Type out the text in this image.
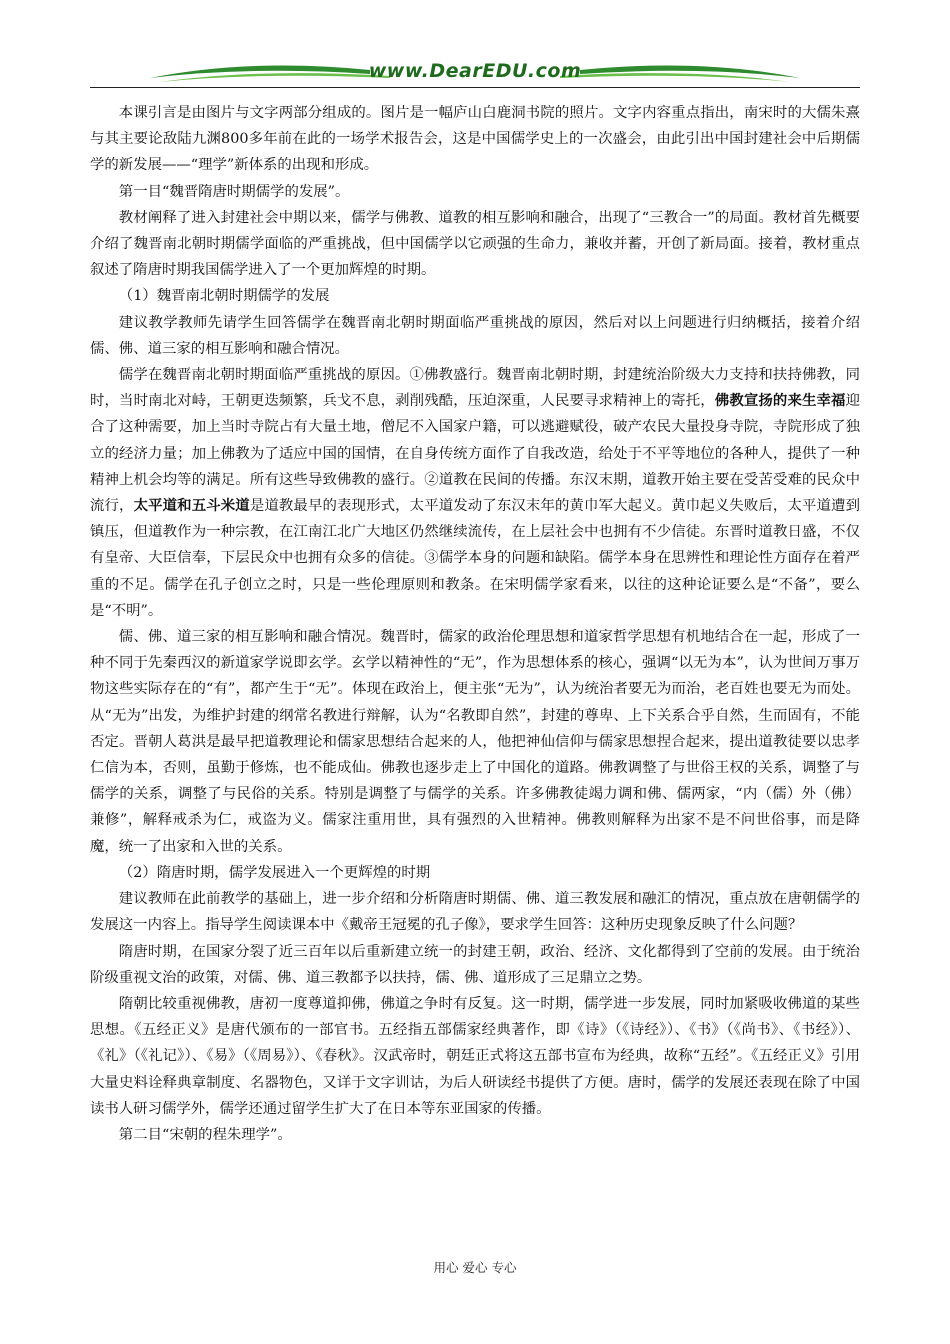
www.DearEDU.com

本课引言是由图片与文字两部分组成的。图片是一幅庐山白鹿洞书院的照片。文字内容重点指出，南宋时的大儒朱熹与其主要论敌陆九渊800多年前在此的一场学术报告会，这是中国儒学史上的一次盛会，由此引出中国封建社会中后期儒学的新发展——“理学”新体系的出现和形成。

第一目“魏晋隋唐时期儒学的发展”。

教材阐释了进入封建社会中期以来，儒学与佛教、道教的相互影响和融合，出现了“三教合一”的局面。教材首先概要介绍了魏晋南北朝时期儒学面临的严重挑战，但中国儒学以它顽强的生命力，兼收并蓄，开创了新局面。接着，教材重点叙述了隋唐时期我国儒学进入了一个更加辉煌的时期。

（1）魏晋南北朝时期儒学的发展

建议教学教师先请学生回答儒学在魏晋南北朝时期面临严重挑战的原因，然后对以上问题进行归纳概括，接着介绍儒、佛、道三家的相互影响和融合情况。

儒学在魏晋南北朝时期面临严重挑战的原因。①佛教盛行。魏晋南北朝时期，封建统治阶级大力支持和扶持佛教，同时，当时南北对峙，王朝更迭频繁，兵戈不息，剥削残酷，压迫深重，人民要寻求精神上的寄托，佛教宣扬的来生幸福迎合了这种需要，加上当时寺院占有大量土地，僧尼不入国家户籍，可以逃避赋役，破产农民大量投身寺院，寺院形成了独立的经济力量；加上佛教为了适应中国的国情，在自身传统方面作了自我改造，给处于不平等地位的各种人，提供了一种精神上机会均等的满足。所有这些导致佛教的盛行。②道教在民间的传播。东汉末期，道教开始主要在受苦受难的民众中流行，太平道和五斗米道是道教最早的表现形式，太平道发动了东汉末年的黄巾军大起义。黄巾起义失败后，太平道遭到镇压，但道教作为一种宗教，在江南江北广大地区仍然继续流传，在上层社会中也拥有不少信徒。东晋时道教日盛，不仅有皇帝、大臣信奉，下层民众中也拥有众多的信徒。③儒学本身的问题和缺陷。儒学本身在思辨性和理论性方面存在着严重的不足。儒学在孔子创立之时，只是一些伦理原则和教条。在宋明儒学家看来，以往的这种论证要么是“不备”，要么是“不明”。

儒、佛、道三家的相互影响和融合情况。魏晋时，儒家的政治伦理思想和道家哲学思想有机地结合在一起，形成了一种不同于先秦西汉的新道家学说即玄学。玄学以精神性的“无”，作为思想体系的核心，强调“以无为本”，认为世间万事万物这些实际存在的“有”，都产生于“无”。体现在政治上，便主张“无为”，认为统治者要无为而治，老百姓也要无为而处。从“无为”出发，为维护封建的纲常名教进行辩解，认为“名教即自然”，封建的尊卑、上下关系合乎自然，生而固有，不能否定。晋朝人葛洪是最早把道教理论和儒家思想结合起来的人，他把神仙信仰与儒家思想捏合起来，提出道教徒要以忠孝仁信为本，否则，虽勤于修炼，也不能成仙。佛教也逐步走上了中国化的道路。佛教调整了与世俗王权的关系，调整了与儒学的关系，调整了与民俗的关系。特别是调整了与儒学的关系。许多佛教徒竭力调和佛、儒两家，“内（儒）外（佛）兼修”，解释戒杀为仁，戒盗为义。儒家注重用世，具有强烈的入世精神。佛教则解释为出家不是不问世俗事，而是降魔，统一了出家和入世的关系。

（2）隋唐时期，儒学发展进入一个更辉煌的时期

建议教师在此前教学的基础上，进一步介绍和分析隋唐时期儒、佛、道三教发展和融汇的情况，重点放在唐朝儒学的发展这一内容上。指导学生阅读课本中《戴帝王冠冕的孔子像》，要求学生回答：这种历史现象反映了什么问题？

隋唐时期，在国家分裂了近三百年以后重新建立统一的封建王朝，政治、经济、文化都得到了空前的发展。由于统治阶级重视文治的政策，对儒、佛、道三教都予以扶持，儒、佛、道形成了三足鼎立之势。

隋朝比较重视佛教，唐初一度尊道抑佛，佛道之争时有反复。这一时期，儒学进一步发展，同时加紧吸收佛道的某些思想。《五经正义》是唐代颁布的一部官书。五经指五部儒家经典著作，即《诗》（《诗经》）、《书》（《尚书》、《书经》）、《礼》（《礼记》）、《易》（《周易》）、《春秋》。汉武帝时，朝廷正式将这五部书宣布为经典，故称“五经”。《五经正义》引用大量史料诠释典章制度、名器物色，又详于文字训诂，为后人研读经书提供了方便。唐时，儒学的发展还表现在除了中国读书人研习儒学外，儒学还通过留学生扩大了在日本等东亚国家的传播。

第二目“宋朝的程朱理学”。

用心 爱心 专心
